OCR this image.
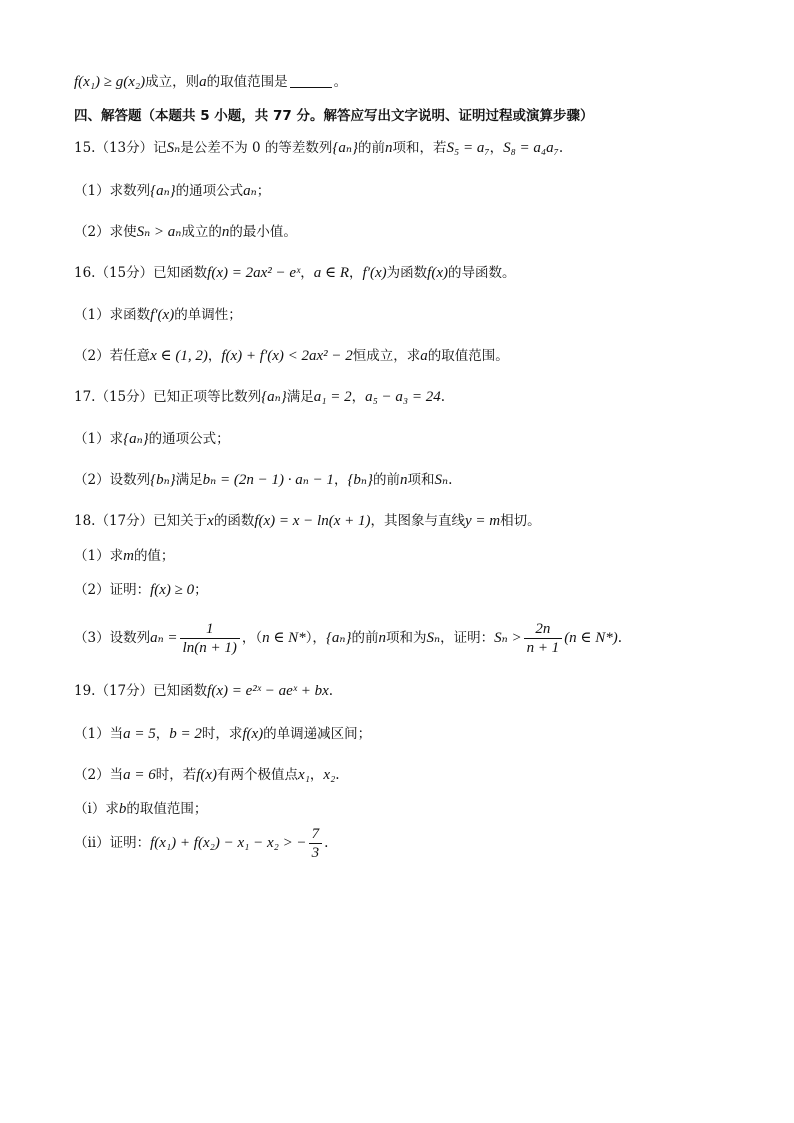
f(x₁) ≥ g(x₂)成立，则a的取值范围是	。
四、解答题（本题共 5 小题，共 77 分。解答应写出文字说明、证明过程或演算步骤）
15.（13分）记Sₙ是公差不为 0 的等差数列{aₙ}的前n项和，若S₅ = a₇，S₈ = a₄a₇.
（1）求数列{aₙ}的通项公式aₙ；
（2）求使Sₙ > aₙ成立的n的最小值。
16.（15分）已知函数f(x) = 2ax² − eˣ，a ∈ R，f′(x)为函数f(x)的导函数。
（1）求函数f′(x)的单调性；
（2）若任意x ∈ (1, 2)，f(x) + f′(x) < 2ax² − 2恒成立，求a的取值范围。
17.（15分）已知正项等比数列{aₙ}满足a₁ = 2，a₅ − a₃ = 24.
（1）求{aₙ}的通项公式；
（2）设数列{bₙ}满足bₙ = (2n − 1) · aₙ − 1，{bₙ}的前n项和Sₙ.
18.（17分）已知关于x的函数f(x) = x − ln(x + 1)，其图象与直线y = m相切。
（1）求m的值；
（2）证明：f(x) ≥ 0；
（3）设数列$a_n = \frac{1}{\ln(n + 1)}$ ，（n ∈ N*），{aₙ}的前n项和为Sₙ，证明：$S_n > \frac{2n}{n + 1} (n$ ∈ N*).
19.（17分）已知函数f(x) = e²ˣ − aeˣ + bx.
（1）当a = 5，b = 2时，求f(x)的单调递减区间；
（2）当a = 6时，若f(x)有两个极值点x₁，x₂.
（ⅰ）求b的取值范围；
（ⅱ）证明：f(x₁) + f(x₂) − x₁ − x₂ > − $\frac{7}{3}$ .
